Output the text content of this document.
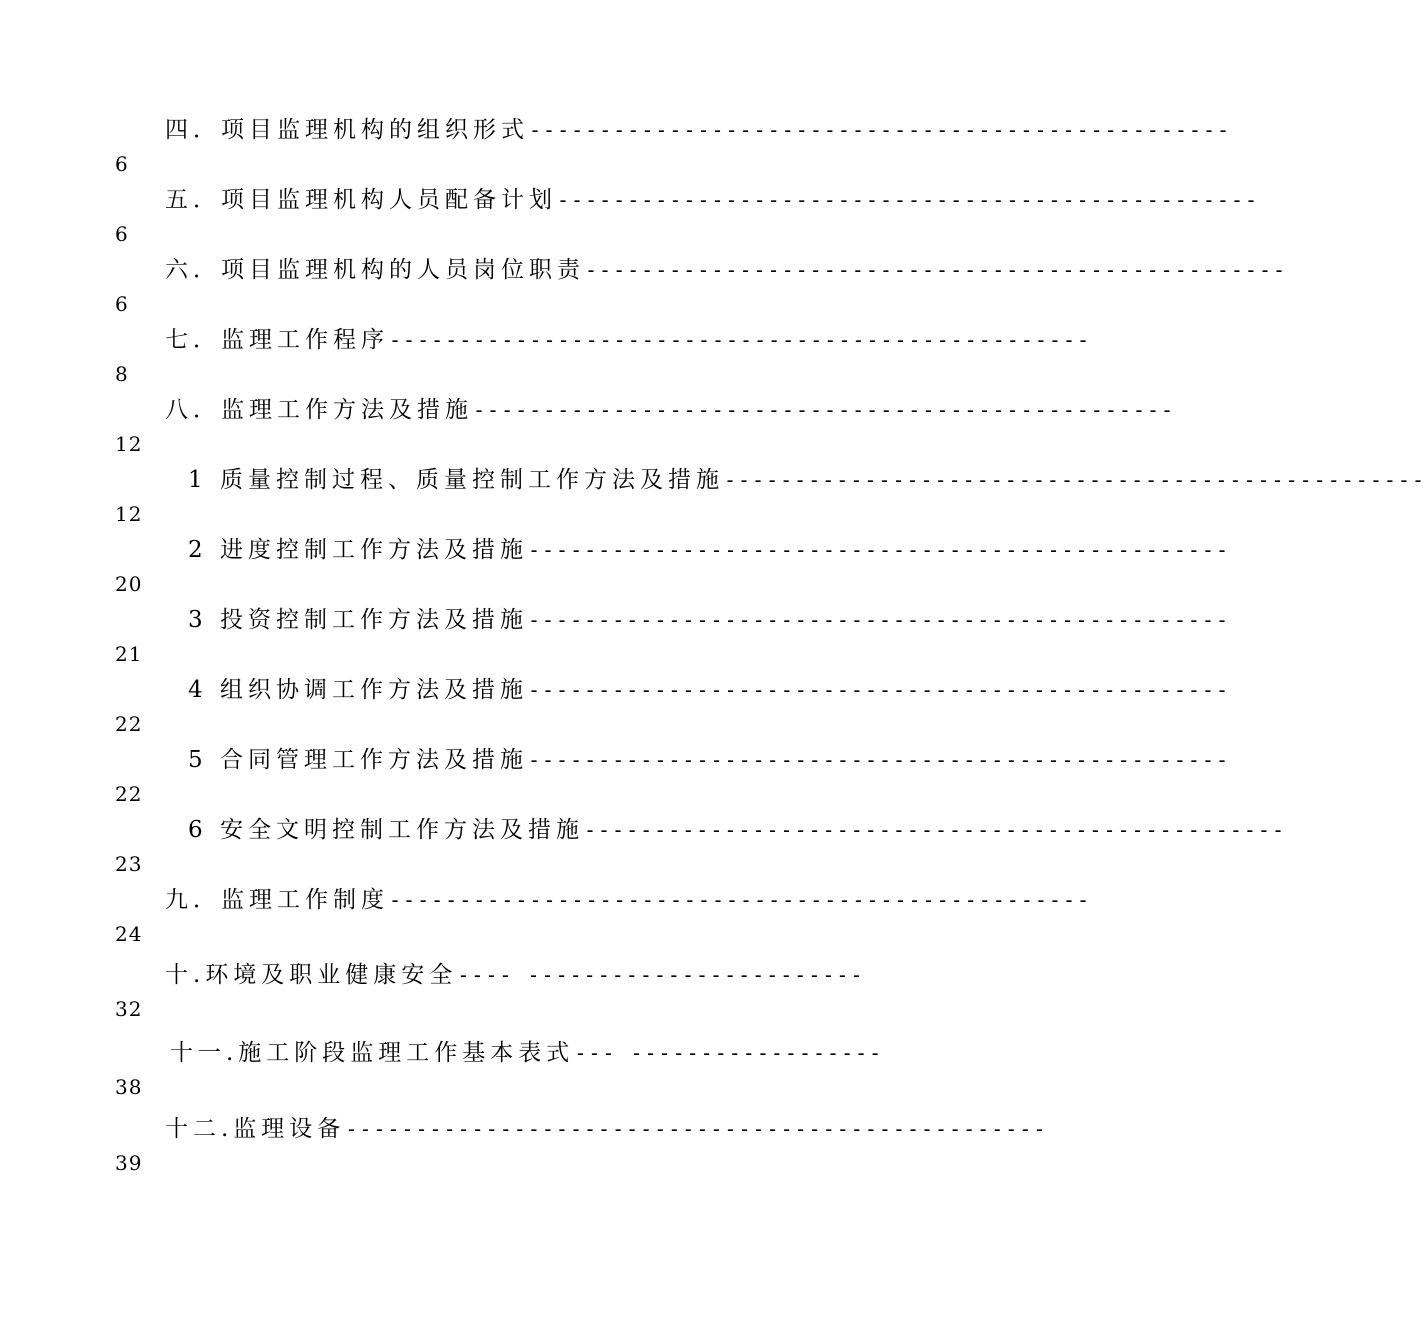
四．项目监理机构的组织形式 --------------------------------------------------
6
五．项目监理机构人员配备计划 --------------------------------------------------
6
六．项目监理机构的人员岗位职责 --------------------------------------------------
6
七．监理工作程序 --------------------------------------------------
8
八．监理工作方法及措施 --------------------------------------------------
12
1 质量控制过程、质量控制工作方法及措施 --------------------------------------------------
12
2 进度控制工作方法及措施 --------------------------------------------------
20
3 投资控制工作方法及措施 --------------------------------------------------
21
4 组织协调工作方法及措施 --------------------------------------------------
22
5 合同管理工作方法及措施 --------------------------------------------------
22
6 安全文明控制工作方法及措施 --------------------------------------------------
23
九．监理工作制度 --------------------------------------------------
24
十.环境及职业健康安全 ------------------------ ----
32
十一.施工阶段监理工作基本表式 ------------------ ---
38
十二.监理设备 --------------------------------------------------
39
